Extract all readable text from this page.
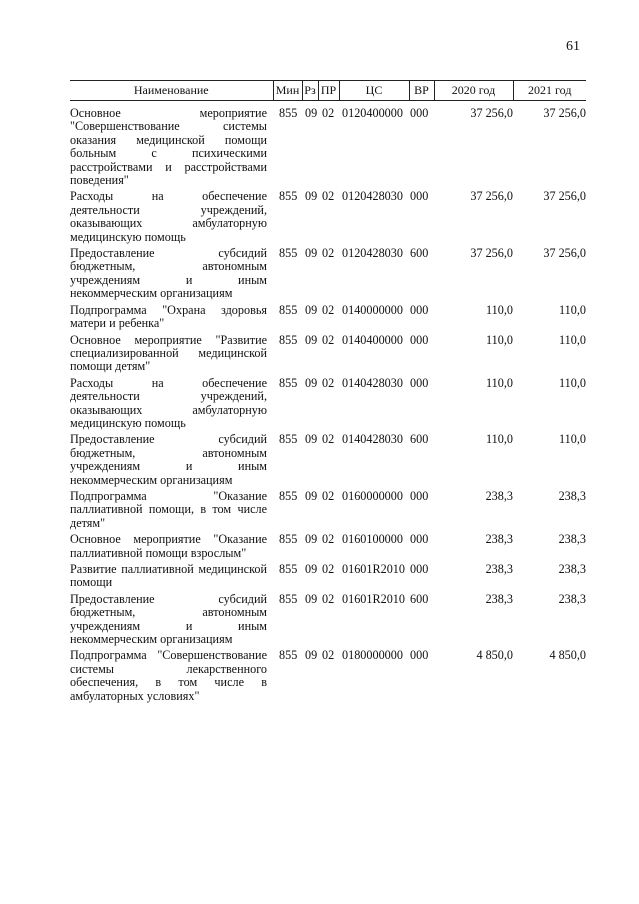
61
Наименование	Мин	Рз	ПР	ЦС	ВР	2020 год	2021 год
Основное мероприятие "Совершенствование системы оказания медицинской помощи больным с психическими расстройствами и расстройствами поведения"	855	09	02	0120400000	000	37 256,0	37 256,0
Расходы на обеспечение деятельности учреждений, оказывающих амбулаторную медицинскую помощь	855	09	02	0120428030	000	37 256,0	37 256,0
Предоставление субсидий бюджетным, автономным учреждениям и иным некоммерческим организациям	855	09	02	0120428030	600	37 256,0	37 256,0
Подпрограмма "Охрана здоровья матери и ребенка"	855	09	02	0140000000	000	110,0	110,0
Основное мероприятие "Развитие специализированной медицинской помощи детям"	855	09	02	0140400000	000	110,0	110,0
Расходы на обеспечение деятельности учреждений, оказывающих амбулаторную медицинскую помощь	855	09	02	0140428030	000	110,0	110,0
Предоставление субсидий бюджетным, автономным учреждениям и иным некоммерческим организациям	855	09	02	0140428030	600	110,0	110,0
Подпрограмма "Оказание паллиативной помощи, в том числе детям"	855	09	02	0160000000	000	238,3	238,3
Основное мероприятие "Оказание паллиативной помощи взрослым"	855	09	02	0160100000	000	238,3	238,3
Развитие паллиативной медицинской помощи	855	09	02	01601R2010	000	238,3	238,3
Предоставление субсидий бюджетным, автономным учреждениям и иным некоммерческим организациям	855	09	02	01601R2010	600	238,3	238,3
Подпрограмма "Совершенствование системы лекарственного обеспечения, в том числе в амбулаторных условиях"	855	09	02	0180000000	000	4 850,0	4 850,0
